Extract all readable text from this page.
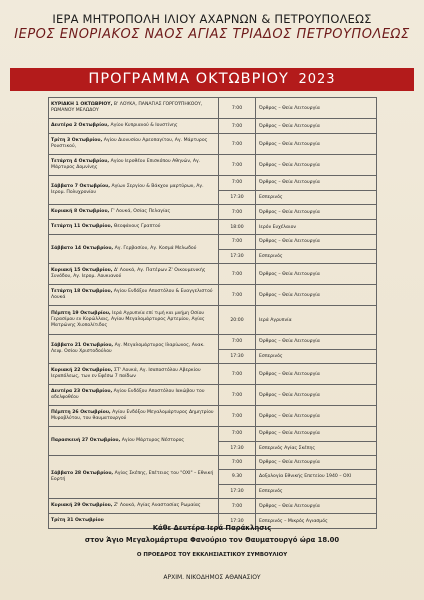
ΙΕΡΑ ΜΗΤΡΟΠΟΛΗ ΙΛΙΟΥ ΑΧΑΡΝΩΝ & ΠΕΤΡΟΥΠΟΛΕΩΣ
ΙΕΡΟΣ ΕΝΟΡΙΑΚΟΣ ΝΑΟΣ ΑΓΙΑΣ ΤΡΙΑΔΟΣ ΠΕΤΡΟΥΠΟΛΕΩΣ
ΠΡΟΓΡΑΜΜΑ ΟΚΤΩΒΡΙΟΥ 2023
ΚΥΡΙΑΚΗ 1 ΟΚΤΩΒΡΙΟΥ, Β' ΛΟΥΚΑ, ΠΑΝΑΓΙΑΣ ΓΟΡΓΟΫΠΗΚΟΟΥ, ΡΩΜΑΝΟΥ ΜΕΛΩΔΟΥ	7:00	Όρθρος – Θεία Λειτουργία
Δευτέρα 2 Οκτωβρίου, Αγίου Κυπριανού & Ιουστίνης	7:00	Όρθρος – Θεία Λειτουργία
Τρίτη 3 Οκτωβρίου, Αγίου Διονυσίου Αρεοπαγίτου, Αγ. Μάρτυρος Ρουστικού,	7:00	Όρθρος – Θεία Λειτουργία
Τετάρτη 4 Οκτωβρίου, Αγίου Ιεροθέου Επισκόπου Αθηνών, Αγ. Μάρτυρος Δομνίνης	7:00	Όρθρος – Θεία Λειτουργία
Σάββατο 7 Οκτωβρίου, Αγίων Σεργίου & Βάκχου μαρτύρων, Αγ. Ιερομ. Πολυχρονίου
7:00	Όρθρος – Θεία Λειτουργία
17:30	Εσπερινός
Κυριακή 8 Οκτωβρίου, Γ' Λουκά, Οσίας Πελαγίας	7:00	Όρθρος – Θεία Λειτουργία
Τετάρτη 11 Οκτωβρίου, Θεοφάνους Γραπτού	18:00	Ιερόν Ευχέλαιον
Σάββατο 14 Οκτωβρίου, Αγ. Γερβασίου, Αγ. Κοσμά Μελωδού
7:00	Όρθρος – Θεία Λειτουργία
17:30	Εσπερινός
Κυριακή 15 Οκτωβρίου, Δ' Λουκά, Αγ. Πατέρων Ζ' Οικουμενικής Συνόδου, Αγ. Ιερομ. Λουκιανού	7:00	Όρθρος – Θεία Λειτουργία
Τετάρτη 18 Οκτωβρίου, Αγίου Ενδόξου Αποστόλου & Ευαγγελιστού Λουκά	7:00	Όρθρος – Θεία Λειτουργία
Πέμπτη 19 Οκτωβρίου, Ιερά Αγρυπνία επί τιμή και μνήμη Οσίου Γερασίμου εν Κορώλλαις, Αγίου Μεγαλομάρτυρος Αρτεμίου, Αγίας Ματρώνης Χιοπολίτιδος
20:00	Ιερά Αγρυπνία
Σάββατο 21 Οκτωβρίου, Αγ. Μεγαλομάρτυρος Ιλαρίωνος, Ανακ. Λειψ. Οσίου Χριστοδούλου
7:00	Όρθρος – Θεία Λειτουργία
17:30	Εσπερινός
Κυριακή 22 Οκτωβρίου, ΣΤ' Λουκά, Αγ. Ισαποστόλου Αβερκίου Ιεραπόλεως, των εν Εφέσω 7 παίδων	7:00	Όρθρος – Θεία Λειτουργία
Δευτέρα 23 Οκτωβρίου, Αγίου Ενδόξου Αποστόλου Ιακώβου του αδελφοθέου	7:00	Όρθρος – Θεία Λειτουργία
Πέμπτη 26 Οκτωβρίου, Αγίου Ενδόξου Μεγαλομάρτυρος Δημητρίου Μυροβλύτου, του θαυματουργού	7:00	Όρθρος – Θεία Λειτουργία
Παρασκευή 27 Οκτωβρίου, Αγίου Μάρτυρος Νέστορος
7:00	Όρθρος – Θεία Λειτουργία
17:30	Εσπερινός Αγίας Σκέπης
Σάββατο 28 Οκτωβρίου, Αγίας Σκέπης, Επέτειος του "ΟΧΙ" – Εθνική Εορτή
7:00	Όρθρος – Θεία Λειτουργία
9.30	Δοξολογία Εθνικής Επετείου 1940 – ΟΧΙ
17:30	Εσπερινός
Κυριακή 29 Οκτωβρίου, Ζ' Λουκά, Αγίας Αναστασίας Ρωμαίας	7:00	Όρθρος – Θεία Λειτουργία
Τρίτη 31 Οκτωβρίου	17:30	Εσπερινός – Μικρός Αγιασμός
Κάθε Δευτέρα Ιερά Παράκλησις
στον Άγιο Μεγαλομάρτυρα Φανούριο τον Θαυματουργό ώρα 18.00
Ο ΠΡΟΕΔΡΟΣ ΤΟΥ ΕΚΚΛΗΣΙΑΣΤΙΚΟΥ ΣΥΜΒΟΥΛΙΟΥ
ΑΡΧΙΜ. ΝΙΚΟΔΗΜΟΣ ΑΘΑΝΑΣΙΟΥ
